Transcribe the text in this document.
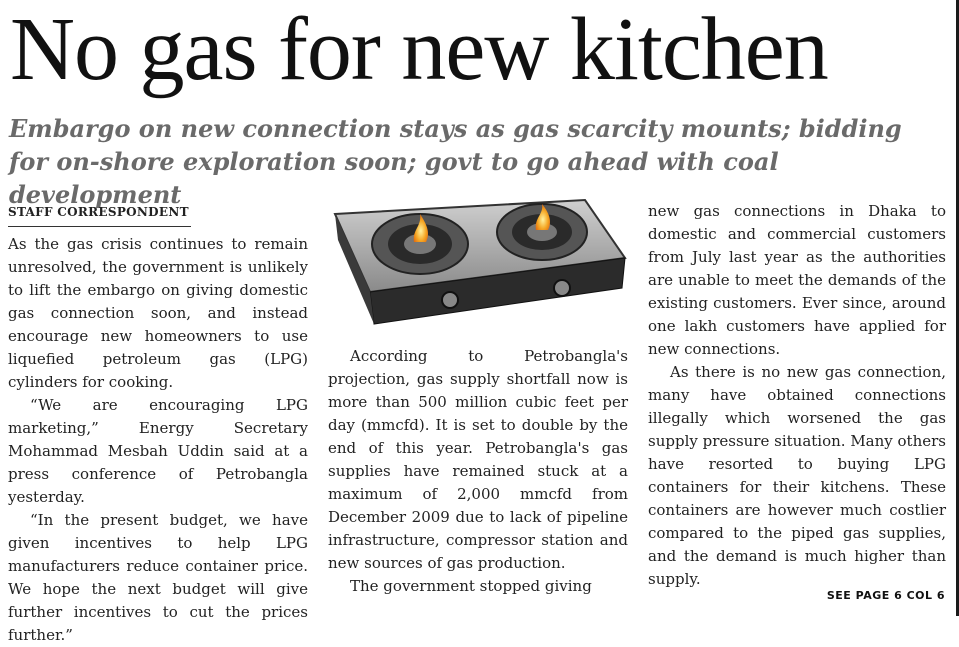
No gas for new kitchen
Embargo on new connection stays as gas scarcity mounts; bidding for on-shore exploration soon; govt to go ahead with coal development
STAFF CORRESPONDENT

As the gas crisis continues to remain unresolved, the government is unlikely to lift the embargo on giving domestic gas connection soon, and instead encourage new homeowners to use liquefied petroleum gas (LPG) cylinders for cooking.

“We are encouraging LPG marketing,” Energy Secretary Mohammad Mesbah Uddin said at a press conference of Petrobangla yesterday.

“In the present budget, we have given incentives to help LPG manufacturers reduce container price. We hope the next budget will give further incentives to cut the prices further.”

According to Petrobangla's projection, gas supply shortfall now is more than 500 million cubic feet per day (mmcfd). It is set to double by the end of this year. Petrobangla's gas supplies have remained stuck at a maximum of 2,000 mmcfd from December 2009 due to lack of pipeline infrastructure, compressor station and new sources of gas production.

The government stopped giving

new gas connections in Dhaka to domestic and commercial customers from July last year as the authorities are unable to meet the demands of the existing customers. Ever since, around one lakh customers have applied for new connections.

As there is no new gas connection, many have obtained connections illegally which worsened the gas supply pressure situation. Many others have resorted to buying LPG containers for their kitchens. These containers are however much costlier compared to the piped gas supplies, and the demand is much higher than supply.

SEE PAGE 6 COL 6
